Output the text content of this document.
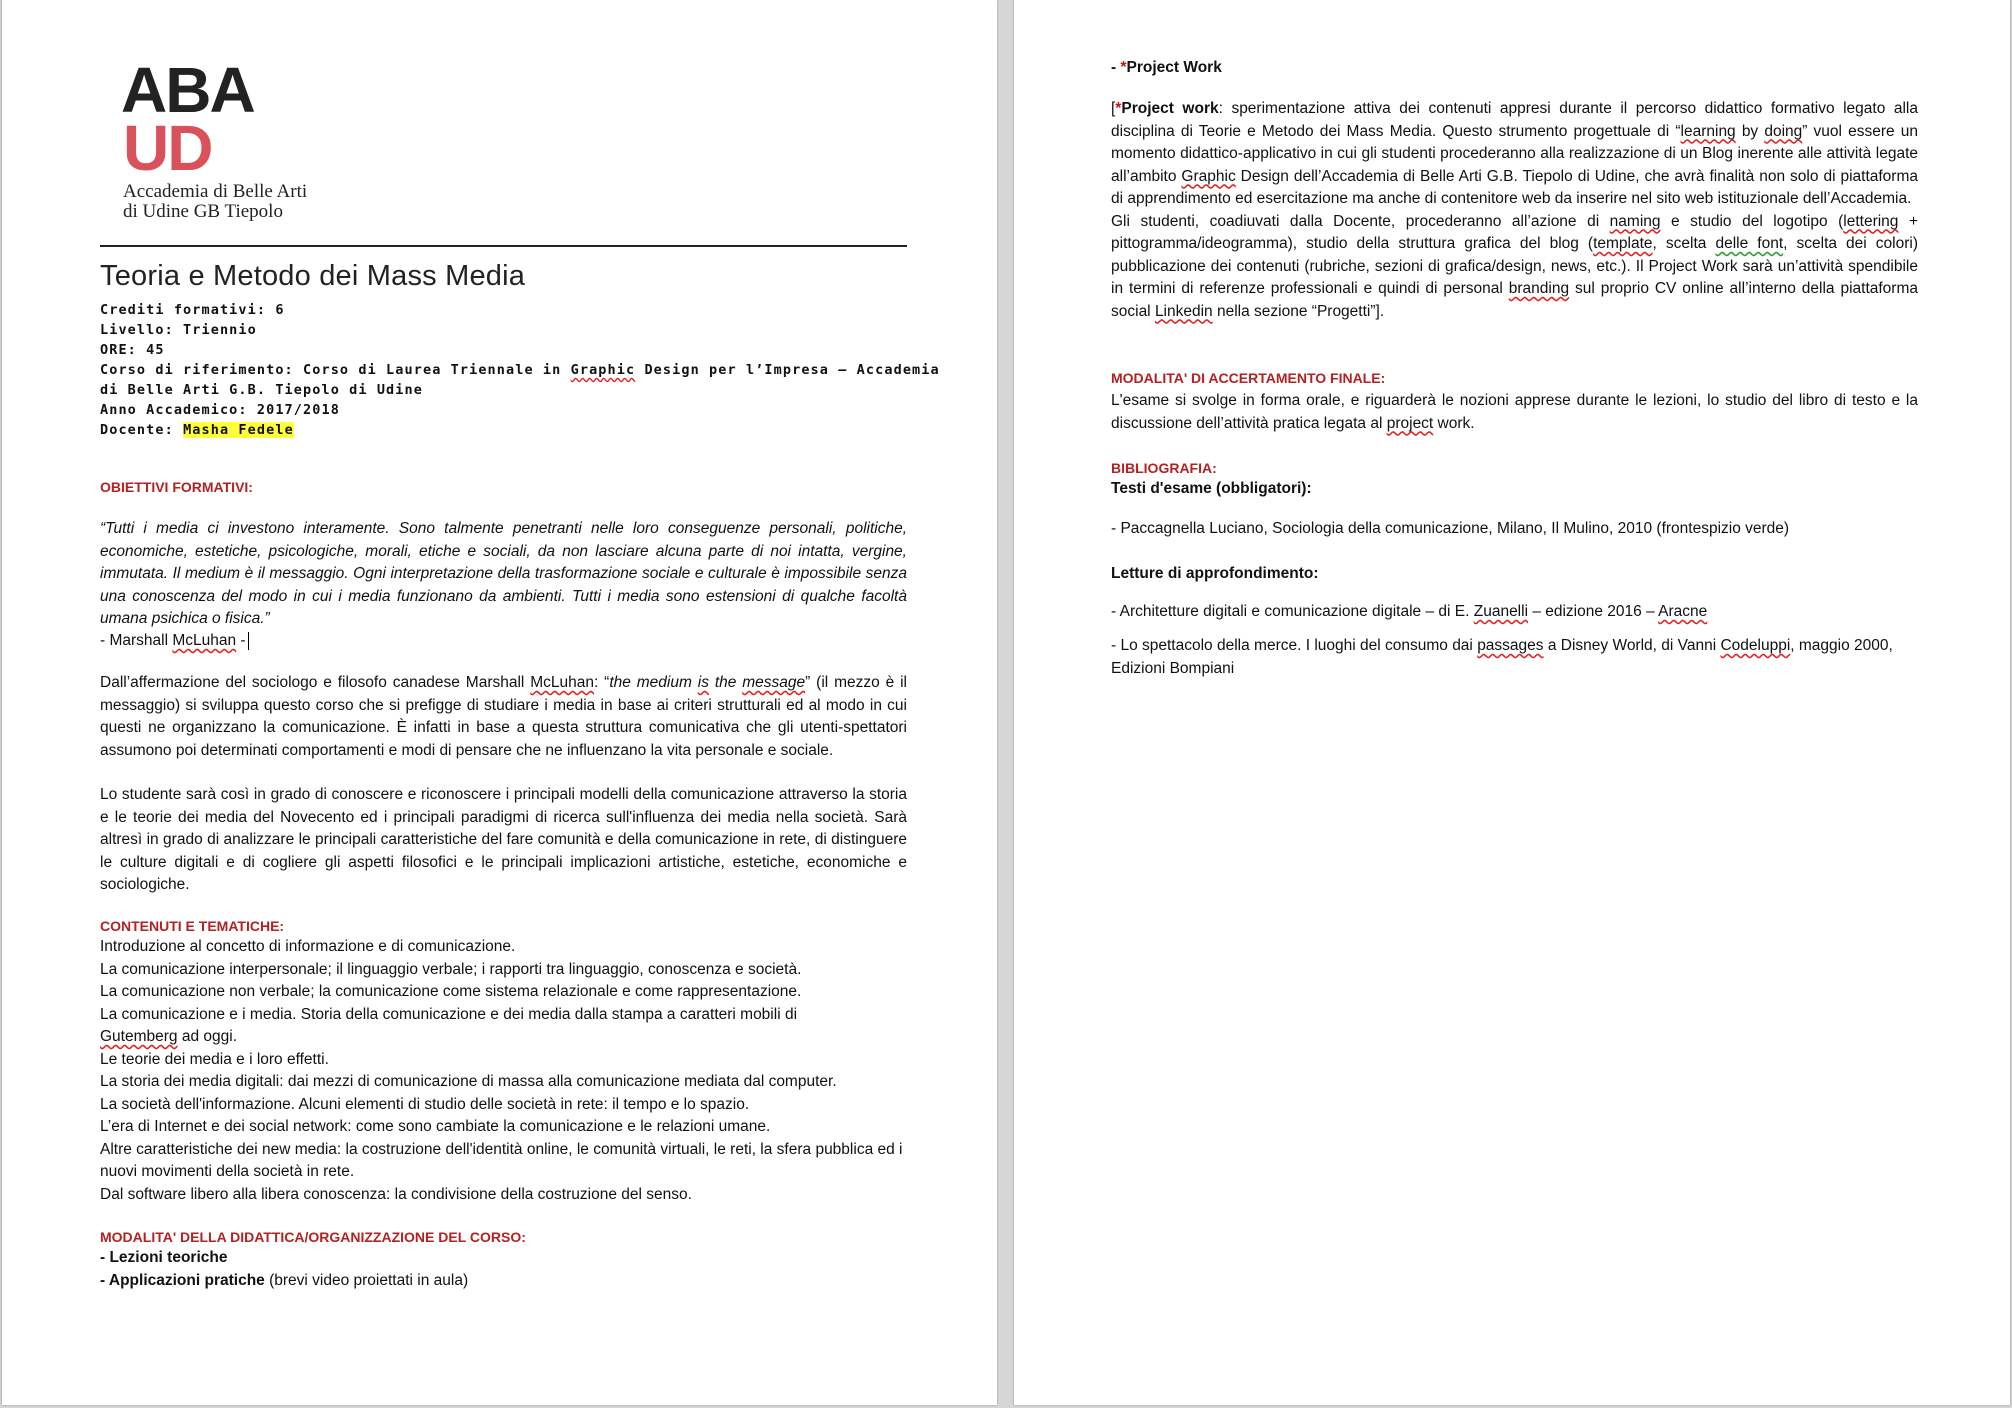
ABA
UD
Accademia di Belle Arti
di Udine GB Tiepolo
Teoria e Metodo dei Mass Media
Crediti formativi: 6
Livello: Triennio
ORE: 45
Corso di riferimento: Corso di Laurea Triennale in Graphic Design per l’Impresa – Accademia
di Belle Arti G.B. Tiepolo di Udine
Anno Accademico: 2017/2018
Docente: Masha Fedele
OBIETTIVI FORMATIVI:
“Tutti i media ci investono interamente. Sono talmente penetranti nelle loro conseguenze personali, politiche, economiche, estetiche, psicologiche, morali, etiche e sociali, da non lasciare alcuna parte di noi intatta, vergine, immutata. Il medium è il messaggio. Ogni interpretazione della trasformazione sociale e culturale è impossibile senza una conoscenza del modo in cui i media funzionano da ambienti. Tutti i media sono estensioni di qualche facoltà umana psichica o fisica.”
- Marshall McLuhan -
Dall’affermazione del sociologo e filosofo canadese Marshall McLuhan: “the medium is the message” (il mezzo è il messaggio) si sviluppa questo corso che si prefigge di studiare i media in base ai criteri strutturali ed al modo in cui questi ne organizzano la comunicazione. È infatti in base a questa struttura comunicativa che gli utenti-spettatori assumono poi determinati comportamenti e modi di pensare che ne influenzano la vita personale e sociale.
Lo studente sarà così in grado di conoscere e riconoscere i principali modelli della comunicazione attraverso la storia e le teorie dei media del Novecento ed i principali paradigmi di ricerca sull'influenza dei media nella società. Sarà altresì in grado di analizzare le principali caratteristiche del fare comunità e della comunicazione in rete, di distinguere le culture digitali e di cogliere gli aspetti filosofici e le principali implicazioni artistiche, estetiche, economiche e sociologiche.
CONTENUTI E TEMATICHE:
Introduzione al concetto di informazione e di comunicazione.
La comunicazione interpersonale; il linguaggio verbale; i rapporti tra linguaggio, conoscenza e società.
La comunicazione non verbale; la comunicazione come sistema relazionale e come rappresentazione.
La comunicazione e i media. Storia della comunicazione e dei media dalla stampa a caratteri mobili di
Gutemberg ad oggi.
Le teorie dei media e i loro effetti.
La storia dei media digitali: dai mezzi di comunicazione di massa alla comunicazione mediata dal computer.
La società dell'informazione. Alcuni elementi di studio delle società in rete: il tempo e lo spazio.
L’era di Internet e dei social network: come sono cambiate la comunicazione e le relazioni umane.
Altre caratteristiche dei new media: la costruzione dell'identità online, le comunità virtuali, le reti, la sfera pubblica ed i nuovi movimenti della società in rete.
Dal software libero alla libera conoscenza: la condivisione della costruzione del senso.
MODALITA' DELLA DIDATTICA/ORGANIZZAZIONE DEL CORSO:
- Lezioni teoriche
- Applicazioni pratiche (brevi video proiettati in aula)
- *Project Work
[*Project work: sperimentazione attiva dei contenuti appresi durante il percorso didattico formativo legato alla disciplina di Teorie e Metodo dei Mass Media. Questo strumento progettuale di “learning by doing” vuol essere un momento didattico-applicativo in cui gli studenti procederanno alla realizzazione di un Blog inerente alle attività legate all’ambito Graphic Design dell’Accademia di Belle Arti G.B. Tiepolo di Udine, che avrà finalità non solo di piattaforma di apprendimento ed esercitazione ma anche di contenitore web da inserire nel sito web istituzionale dell’Accademia.
Gli studenti, coadiuvati dalla Docente, procederanno all’azione di naming e studio del logotipo (lettering + pittogramma/ideogramma), studio della struttura grafica del blog (template, scelta delle font, scelta dei colori) pubblicazione dei contenuti (rubriche, sezioni di grafica/design, news, etc.). Il Project Work sarà un’attività spendibile in termini di referenze professionali e quindi di personal branding sul proprio CV online all’interno della piattaforma social Linkedin nella sezione “Progetti”].
MODALITA' DI ACCERTAMENTO FINALE:
L'esame si svolge in forma orale, e riguarderà le nozioni apprese durante le lezioni, lo studio del libro di testo e la discussione dell’attività pratica legata al project work.
BIBLIOGRAFIA:
Testi d'esame (obbligatori):
- Paccagnella Luciano, Sociologia della comunicazione, Milano, Il Mulino, 2010 (frontespizio verde)
Letture di approfondimento:
- Architetture digitali e comunicazione digitale – di E. Zuanelli – edizione 2016 – Aracne
- Lo spettacolo della merce. I luoghi del consumo dai passages a Disney World, di Vanni Codeluppi, maggio 2000, Edizioni Bompiani
